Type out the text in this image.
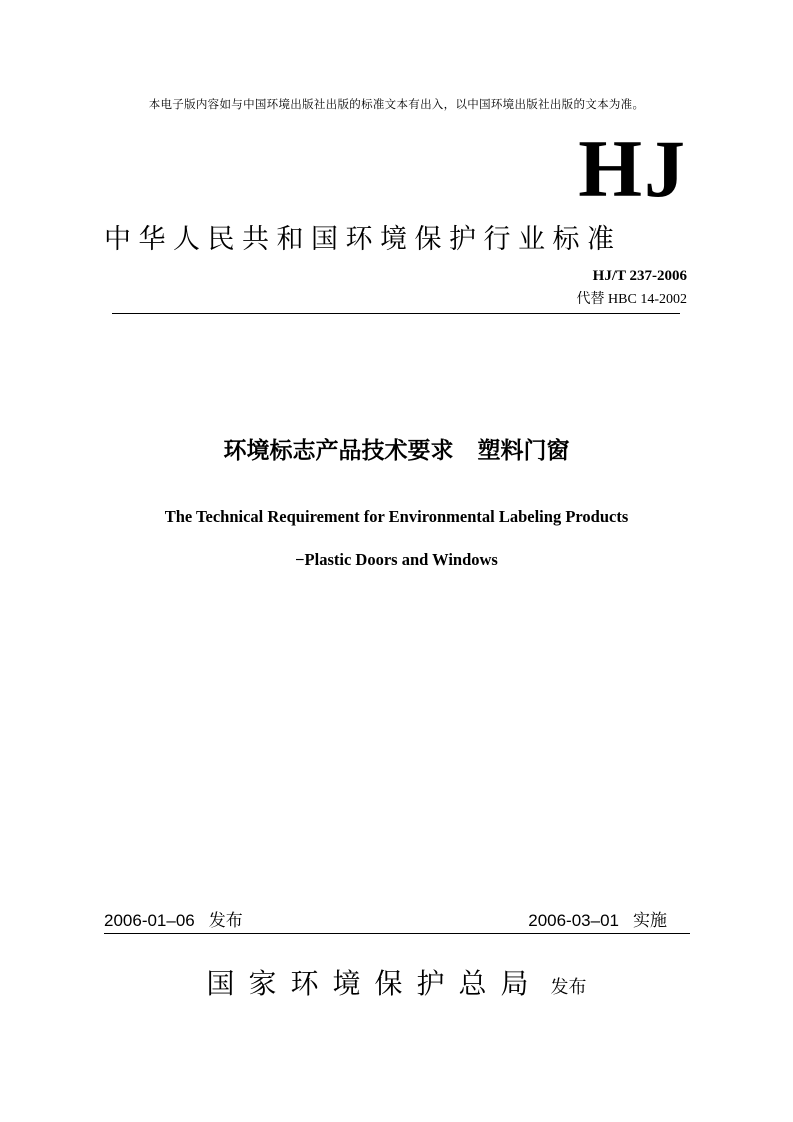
本电子版内容如与中国环境出版社出版的标准文本有出入，以中国环境出版社出版的文本为准。
HJ
中华人民共和国环境保护行业标准
HJ/T 237-2006
代替 HBC 14-2002
环境标志产品技术要求   塑料门窗
The Technical Requirement for Environmental Labeling Products
−Plastic Doors and Windows
2006-01–06 发布	2006-03–01 实施
国家环境保护总局 发布
